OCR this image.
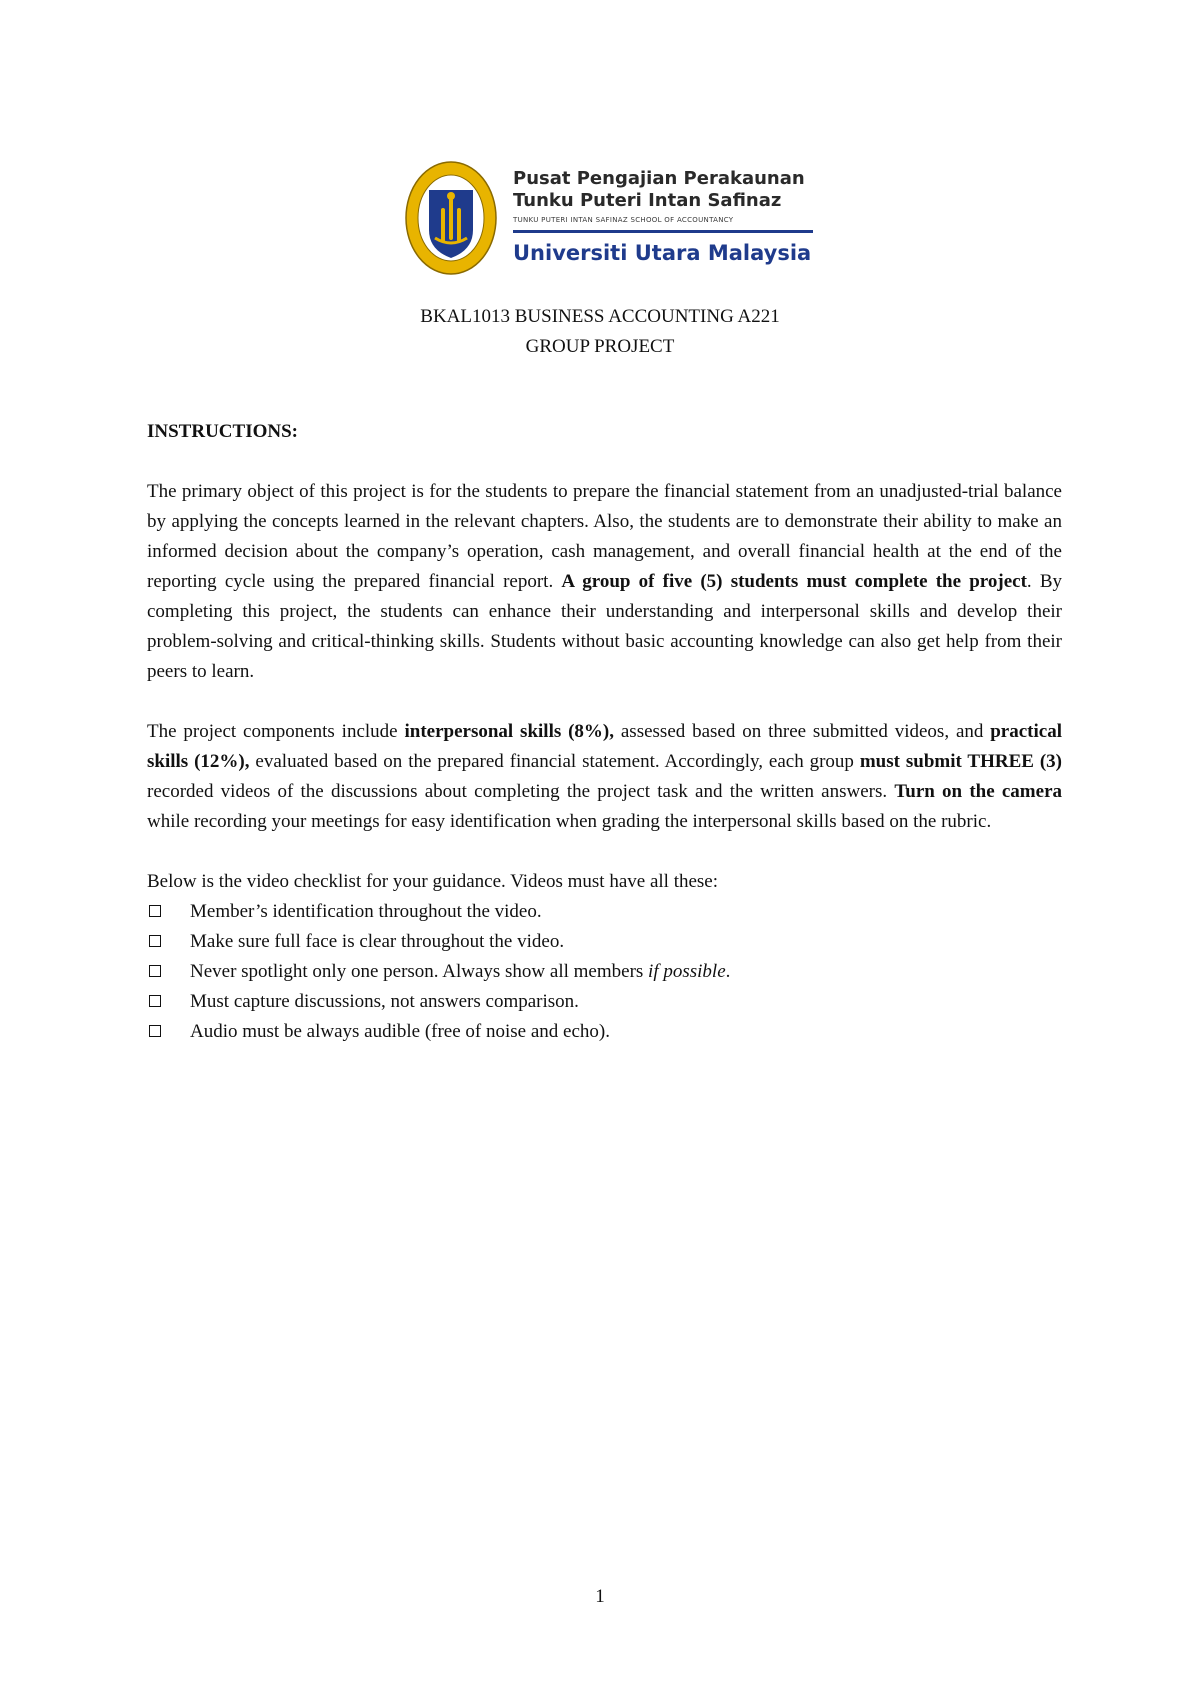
Pusat Pengajian Perakaunan
Tunku Puteri Intan Safinaz
TUNKU PUTERI INTAN SAFINAZ SCHOOL OF ACCOUNTANCY
Universiti Utara Malaysia
BKAL1013 BUSINESS ACCOUNTING A221
GROUP PROJECT

INSTRUCTIONS:

The primary object of this project is for the students to prepare the financial statement from an unadjusted-trial balance by applying the concepts learned in the relevant chapters. Also, the students are to demonstrate their ability to make an informed decision about the company’s operation, cash management, and overall financial health at the end of the reporting cycle using the prepared financial report. A group of five (5) students must complete the project. By completing this project, the students can enhance their understanding and interpersonal skills and develop their problem-solving and critical-thinking skills. Students without basic accounting knowledge can also get help from their peers to learn.

The project components include interpersonal skills (8%), assessed based on three submitted videos, and practical skills (12%), evaluated based on the prepared financial statement. Accordingly, each group must submit THREE (3) recorded videos of the discussions about completing the project task and the written answers. Turn on the camera while recording your meetings for easy identification when grading the interpersonal skills based on the rubric.

Below is the video checklist for your guidance. Videos must have all these:

Member’s identification throughout the video.
Make sure full face is clear throughout the video.
Never spotlight only one person. Always show all members if possible.
Must capture discussions, not answers comparison.
Audio must be always audible (free of noise and echo).
1
